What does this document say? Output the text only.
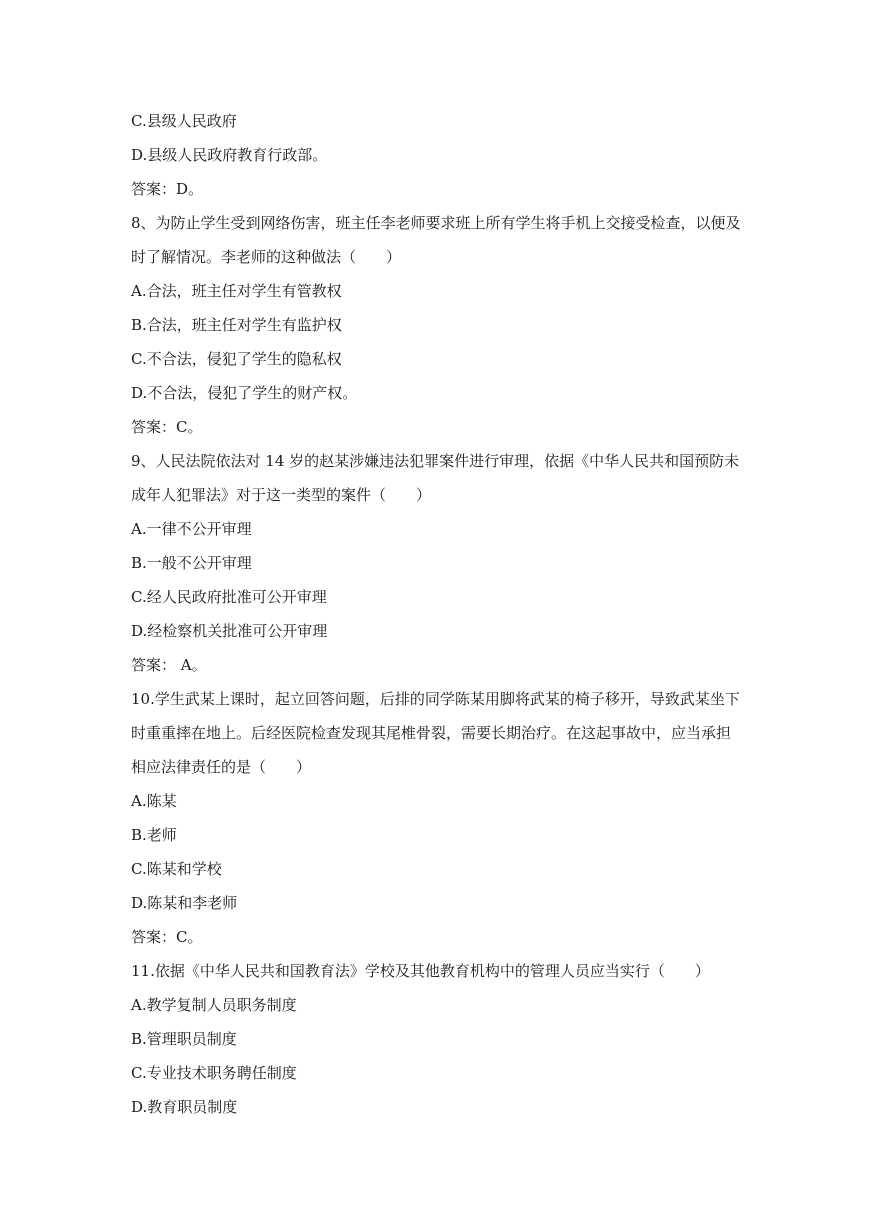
C.县级人民政府
D.县级人民政府教育行政部。
答案：D。
8、为防止学生受到网络伤害，班主任李老师要求班上所有学生将手机上交接受检查，以便及时了解情况。李老师的这种做法（　　）
A.合法，班主任对学生有管教权
B.合法，班主任对学生有监护权
C.不合法，侵犯了学生的隐私权
D.不合法，侵犯了学生的财产权。
答案：C。
9、人民法院依法对 14 岁的赵某涉嫌违法犯罪案件进行审理，依据《中华人民共和国预防未成年人犯罪法》对于这一类型的案件（　　）
A.一律不公开审理
B.一般不公开审理
C.经人民政府批准可公开审理
D.经检察机关批准可公开审理
答案： A。
10.学生武某上课时，起立回答问题，后排的同学陈某用脚将武某的椅子移开，导致武某坐下时重重摔在地上。后经医院检查发现其尾椎骨裂，需要长期治疗。在这起事故中，应当承担相应法律责任的是（　　）
A.陈某
B.老师
C.陈某和学校
D.陈某和李老师
答案：C。
11.依据《中华人民共和国教育法》学校及其他教育机构中的管理人员应当实行（　　）
A.教学复制人员职务制度
B.管理职员制度
C.专业技术职务聘任制度
D.教育职员制度
